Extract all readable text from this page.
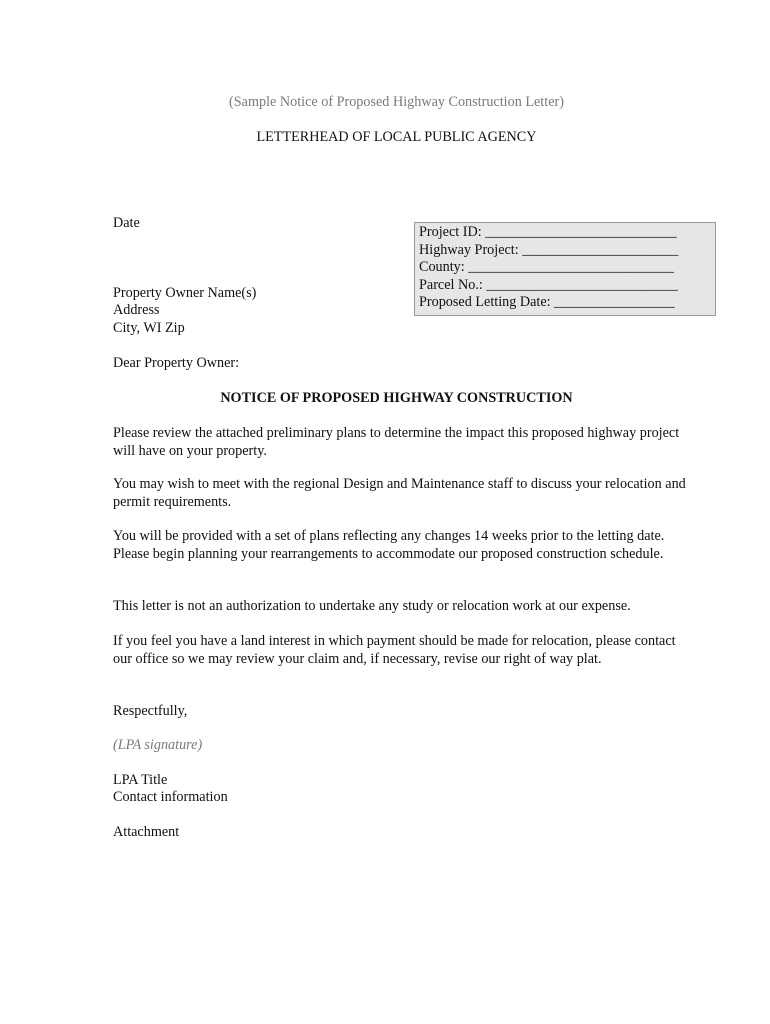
(Sample Notice of Proposed Highway Construction Letter)
LETTERHEAD OF LOCAL PUBLIC AGENCY
Date
Project ID: ___________________________
Highway Project: ______________________
County: _____________________________
Parcel No.: ___________________________
Proposed Letting Date: _________________
Property Owner Name(s)
Address
City, WI Zip
Dear Property Owner:
NOTICE OF PROPOSED HIGHWAY CONSTRUCTION
Please review the attached preliminary plans to determine the impact this proposed highway project will have on your property.
You may wish to meet with the regional Design and Maintenance staff to discuss your relocation and permit requirements.
You will be provided with a set of plans reflecting any changes 14 weeks prior to the letting date. Please begin planning your rearrangements to accommodate our proposed construction schedule.
This letter is not an authorization to undertake any study or relocation work at our expense.
If you feel you have a land interest in which payment should be made for relocation, please contact our office so we may review your claim and, if necessary, revise our right of way plat.
Respectfully,
(LPA signature)
LPA Title
Contact information
Attachment
